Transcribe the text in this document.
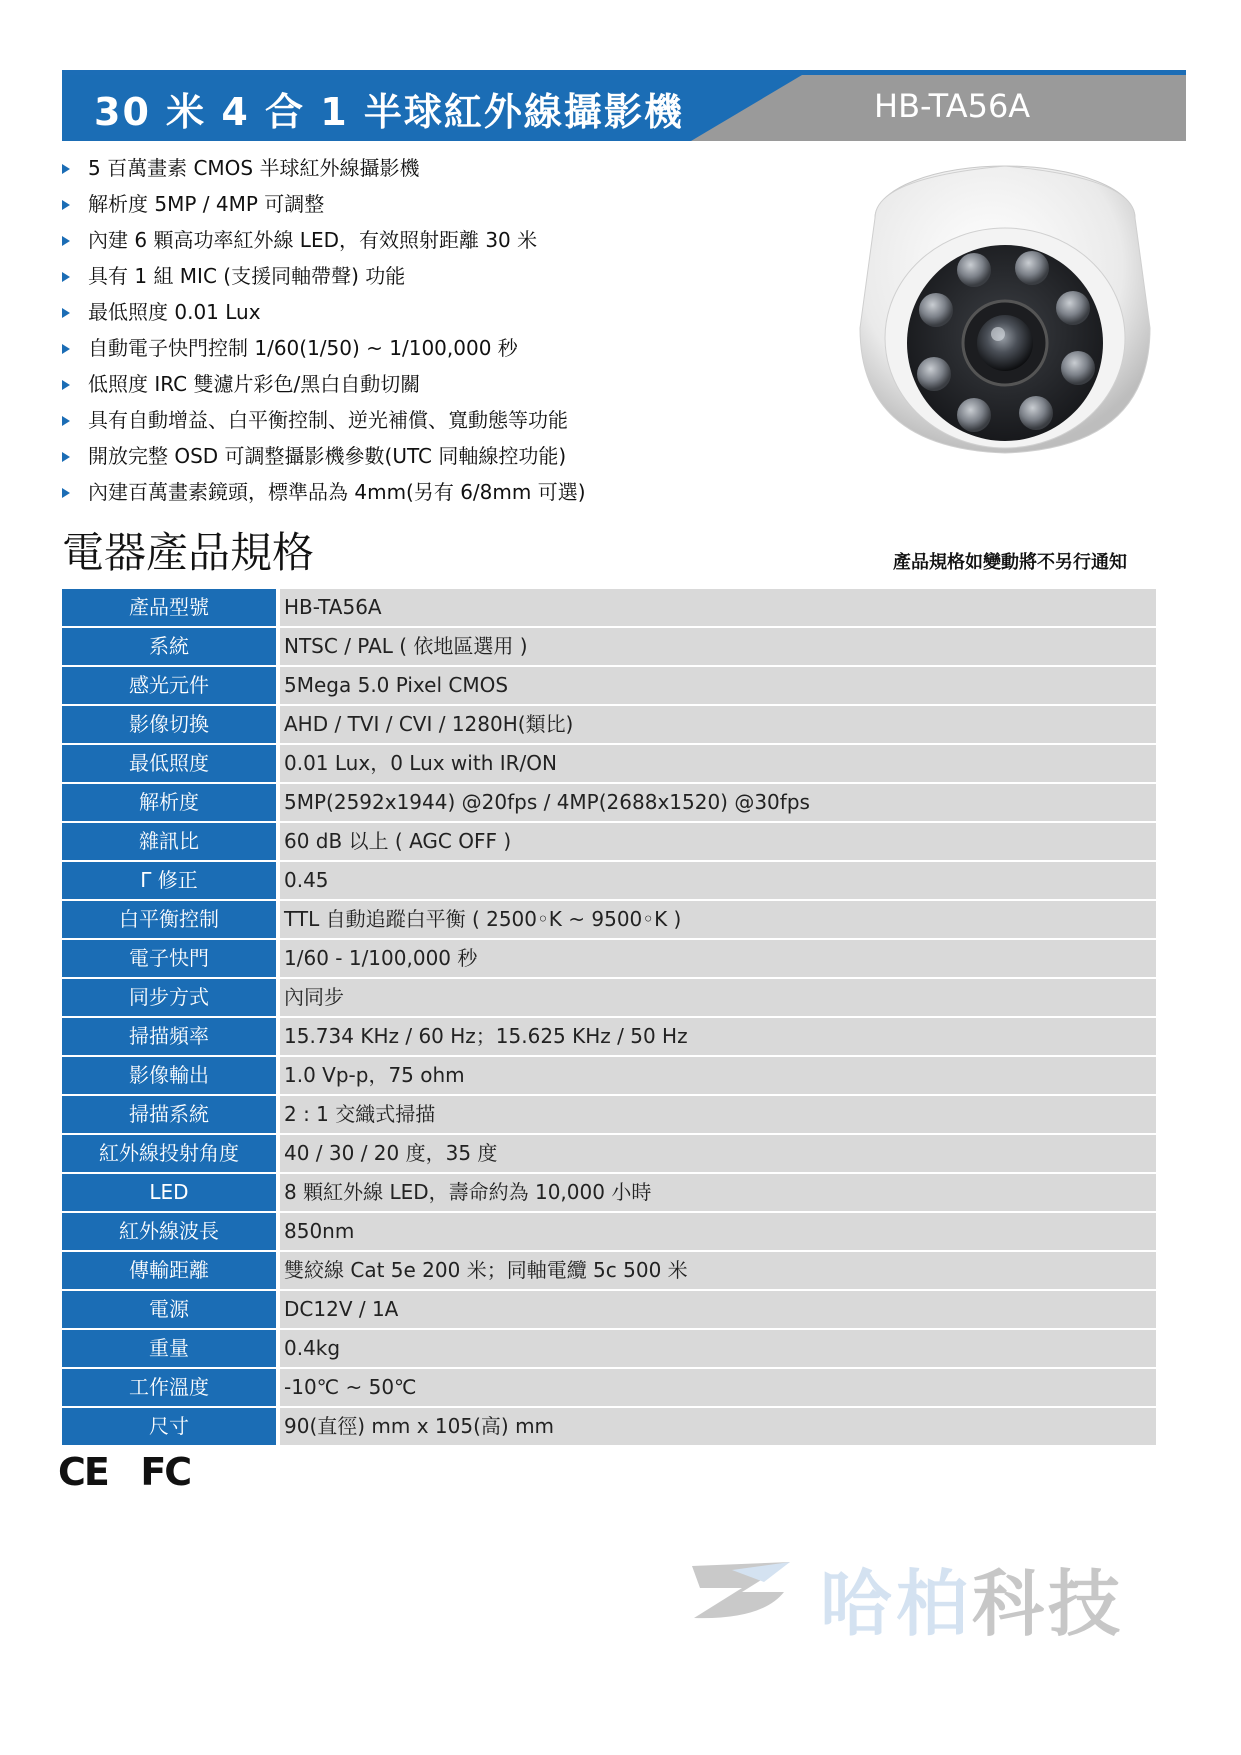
30 米 4 合 1 半球紅外線攝影機	HB-TA56A
5 百萬畫素 CMOS 半球紅外線攝影機
解析度 5MP / 4MP 可調整
內建 6 顆高功率紅外線 LED，有效照射距離 30 米
具有 1 組 MIC (支援同軸帶聲) 功能
最低照度 0.01 Lux
自動電子快門控制 1/60(1/50) ~ 1/100,000 秒
低照度 IRC 雙濾片彩色/黑白自動切關
具有自動增益、白平衡控制、逆光補償、寬動態等功能
開放完整 OSD 可調整攝影機參數(UTC 同軸線控功能)
內建百萬畫素鏡頭，標準品為 4mm(另有 6/8mm 可選)
電器產品規格	產品規格如變動將不另行通知
產品型號	HB-TA56A
系統	NTSC / PAL ( 依地區選用 )
感光元件	5Mega 5.0 Pixel CMOS
影像切換	AHD / TVI / CVI / 1280H(類比)
最低照度	0.01 Lux，0 Lux with IR/ON
解析度	5MP(2592x1944) @20fps / 4MP(2688x1520) @30fps
雜訊比	60 dB 以上 ( AGC OFF )
Γ 修正	0.45
白平衡控制	TTL 自動追蹤白平衡 ( 2500◦K ~ 9500◦K )
電子快門	1/60 - 1/100,000 秒
同步方式	內同步
掃描頻率	15.734 KHz / 60 Hz；15.625 KHz / 50 Hz
影像輸出	1.0 Vp-p，75 ohm
掃描系統	2 : 1 交織式掃描
紅外線投射角度	40 / 30 / 20 度，35 度
LED	8 顆紅外線 LED，壽命約為 10,000 小時
紅外線波長	850nm
傳輸距離	雙絞線 Cat 5e 200 米；同軸電纜 5c 500 米
電源	DC12V / 1A
重量	0.4kg
工作溫度	-10℃ ~ 50℃
尺寸	90(直徑) mm x 105(高) mm
CE FC
哈柏科技
